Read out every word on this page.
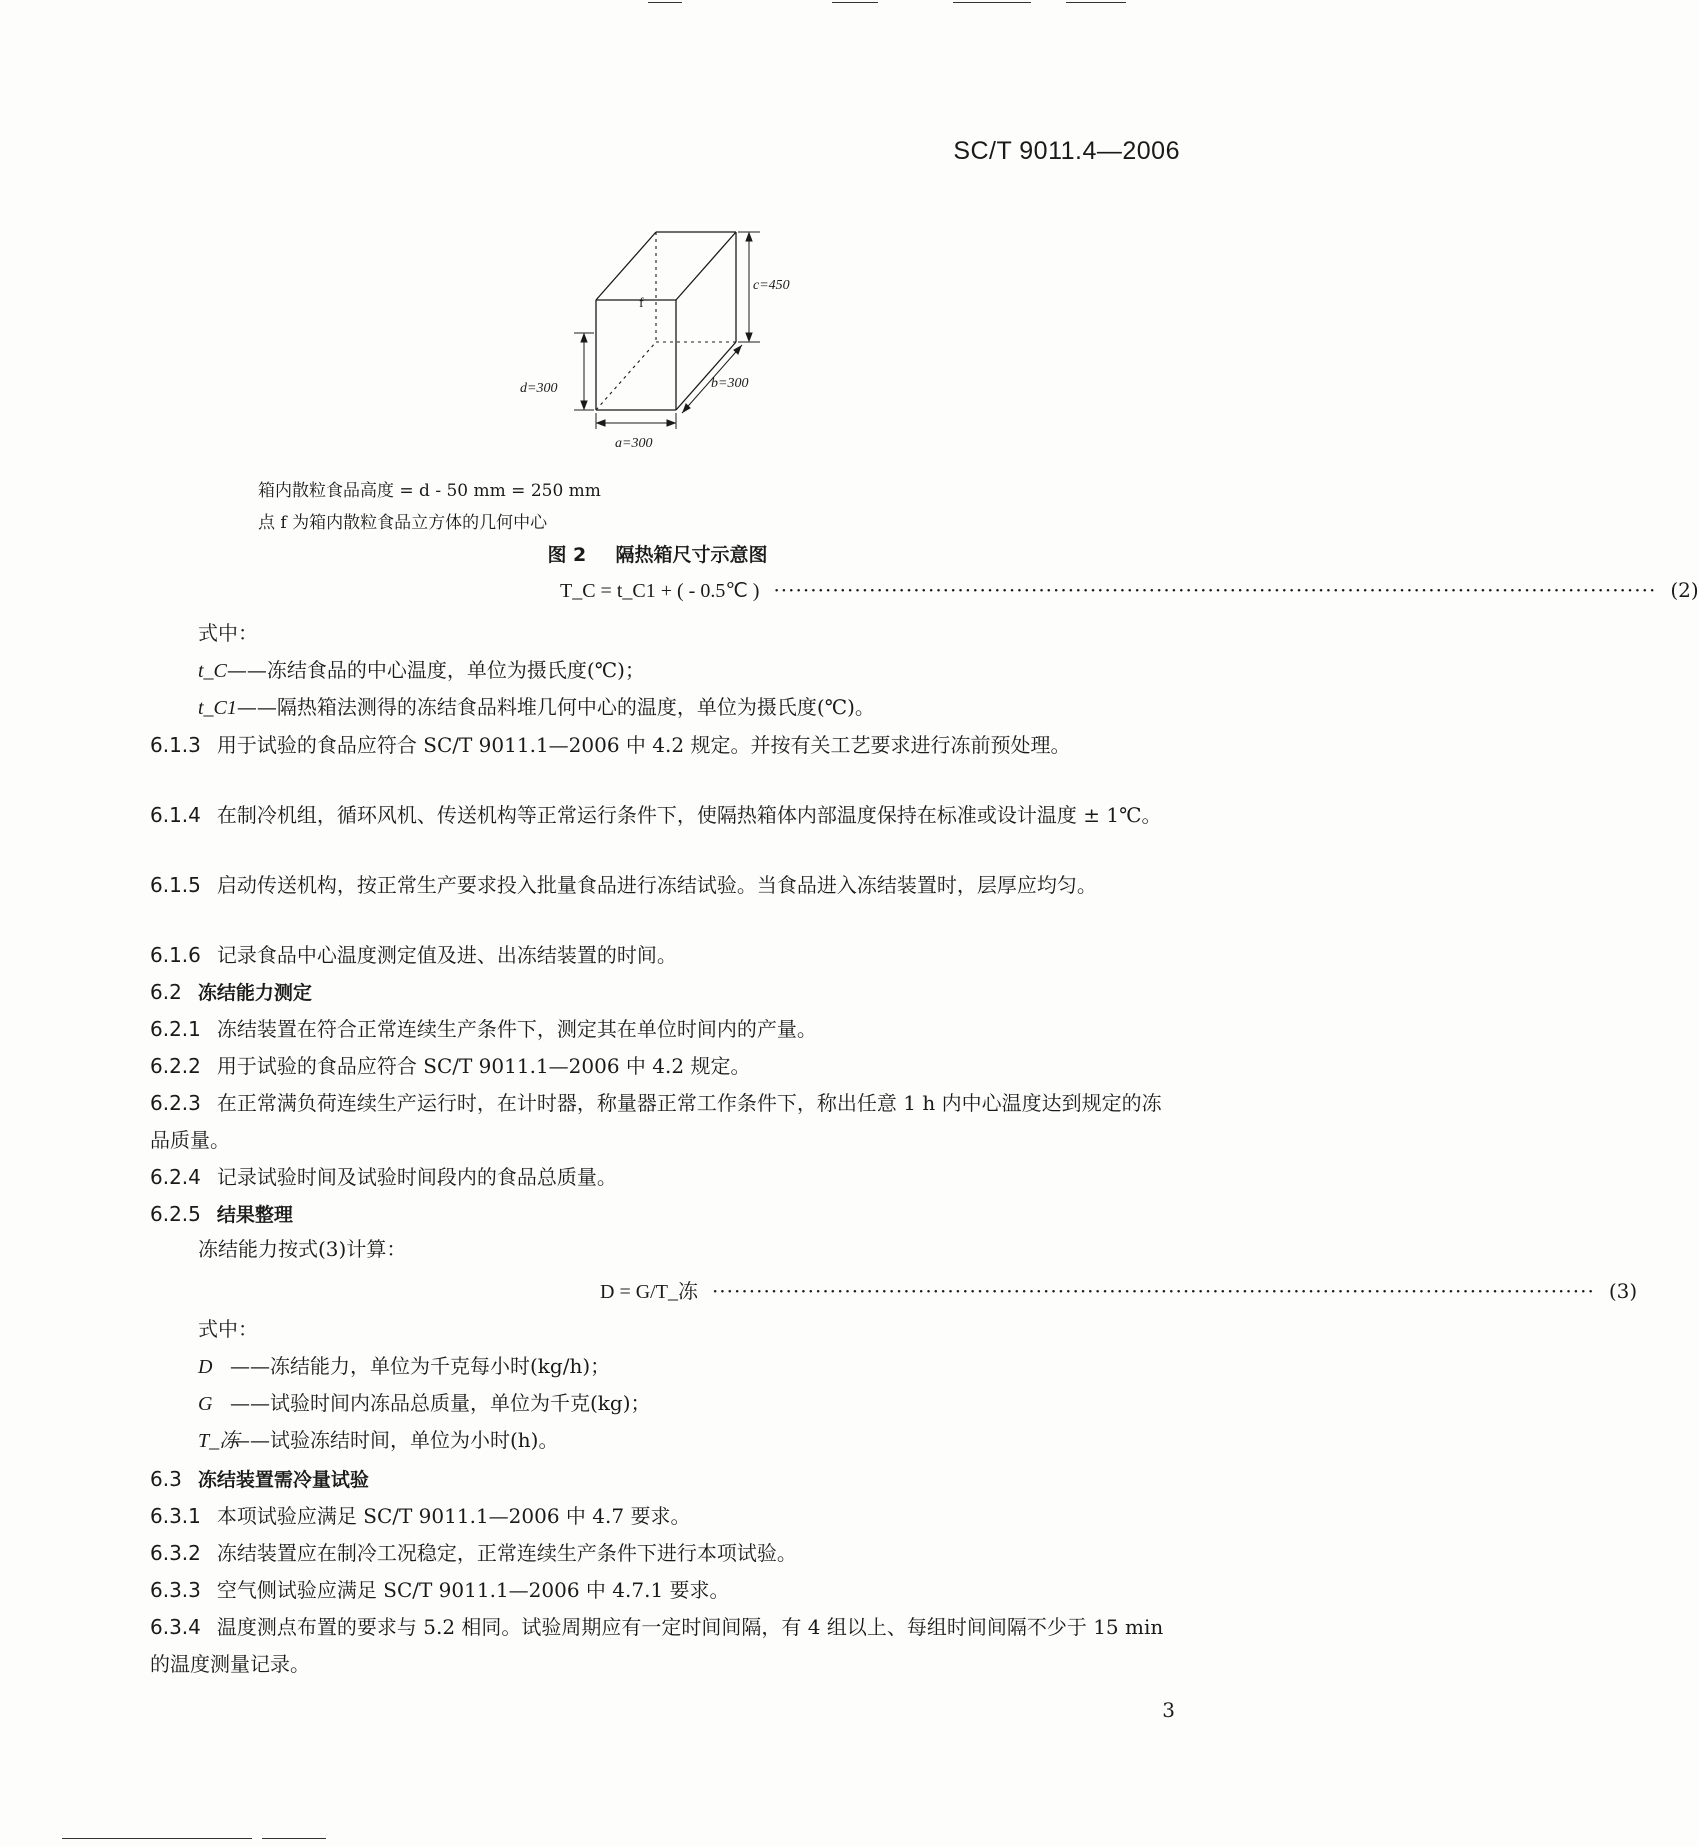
SC/T 9011.4—2006
c=450
f
d=300	b=300
a=300
箱内散粒食品高度 = d - 50 mm = 250 mm
点 f 为箱内散粒食品立方体的几何中心
图 2 隔热箱尺寸示意图
T_C = t_C1 + ( - 0.5℃ ) ························································································································ (2)
式中：
t_C——冻结食品的中心温度，单位为摄氏度(℃)；
t_C1——隔热箱法测得的冻结食品料堆几何中心的温度，单位为摄氏度(℃)。
6.1.3 用于试验的食品应符合 SC/T 9011.1—2006 中 4.2 规定。并按有关工艺要求进行冻前预处理。
6.1.4 在制冷机组，循环风机、传送机构等正常运行条件下，使隔热箱体内部温度保持在标准或设计温度 ± 1℃。
6.1.5 启动传送机构，按正常生产要求投入批量食品进行冻结试验。当食品进入冻结装置时，层厚应均匀。
6.1.6 记录食品中心温度测定值及进、出冻结装置的时间。
6.2 冻结能力测定
6.2.1 冻结装置在符合正常连续生产条件下，测定其在单位时间内的产量。
6.2.2 用于试验的食品应符合 SC/T 9011.1—2006 中 4.2 规定。
6.2.3 在正常满负荷连续生产运行时，在计时器，称量器正常工作条件下，称出任意 1 h 内中心温度达到规定的冻品质量。
6.2.4 记录试验时间及试验时间段内的食品总质量。
6.2.5 结果整理
冻结能力按式(3)计算：
D = G/T_冻 ························································································································ (3)
式中：
D ——冻结能力，单位为千克每小时(kg/h)；
G ——试验时间内冻品总质量，单位为千克(kg)；
T_冻——试验冻结时间，单位为小时(h)。
6.3 冻结装置需冷量试验
6.3.1 本项试验应满足 SC/T 9011.1—2006 中 4.7 要求。
6.3.2 冻结装置应在制冷工况稳定，正常连续生产条件下进行本项试验。
6.3.3 空气侧试验应满足 SC/T 9011.1—2006 中 4.7.1 要求。
6.3.4 温度测点布置的要求与 5.2 相同。试验周期应有一定时间间隔，有 4 组以上、每组时间间隔不少于 15 min 的温度测量记录。
3
